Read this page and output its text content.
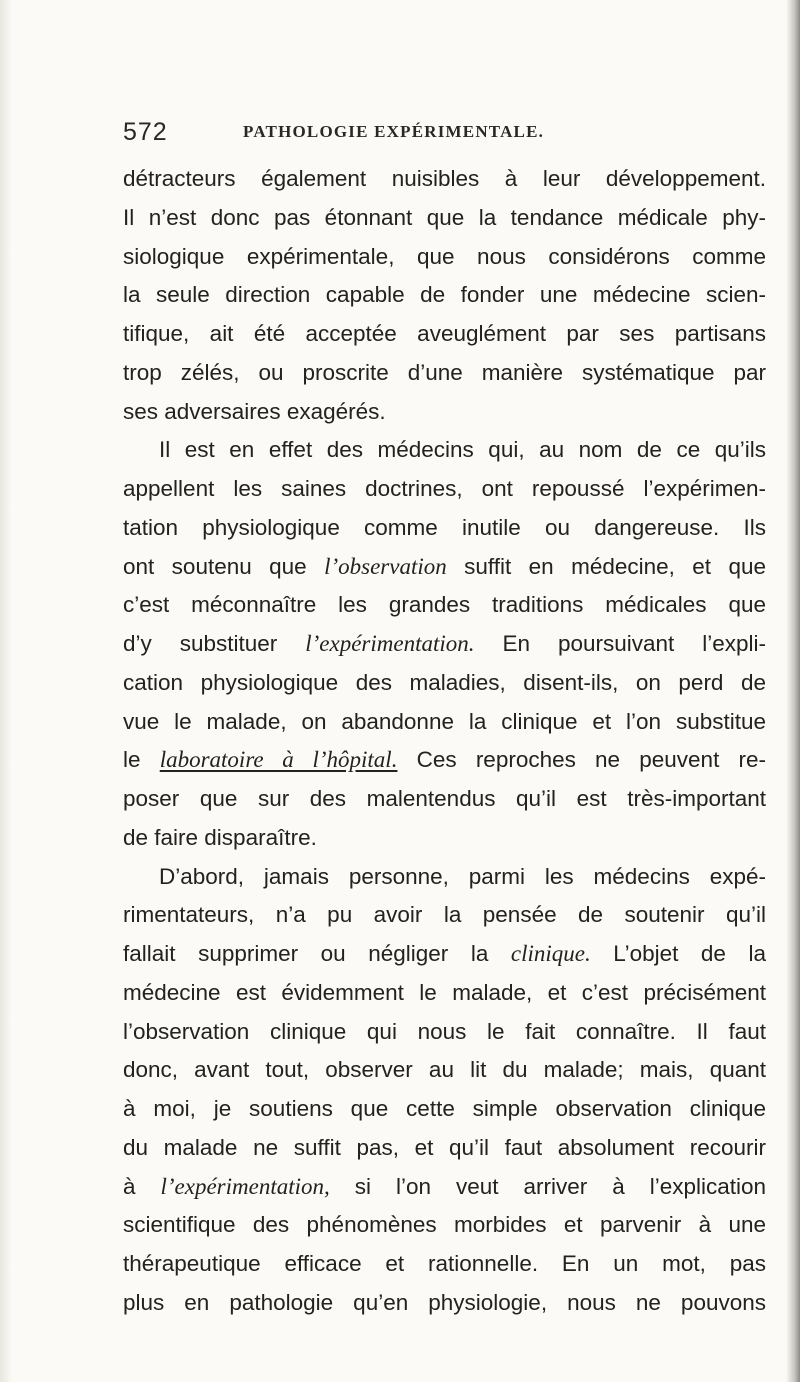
572	PATHOLOGIE EXPÉRIMENTALE.
détracteurs également nuisibles à leur développement.
Il n’est donc pas étonnant que la tendance médicale phy-
siologique expérimentale, que nous considérons comme
la seule direction capable de fonder une médecine scien-
tifique, ait été acceptée aveuglément par ses partisans
trop zélés, ou proscrite d’une manière systématique par
ses adversaires exagérés.
Il est en effet des médecins qui, au nom de ce qu’ils
appellent les saines doctrines, ont repoussé l’expérimen-
tation physiologique comme inutile ou dangereuse. Ils
ont soutenu que l’observation suffit en médecine, et que
c’est méconnaître les grandes traditions médicales que
d’y substituer l’expérimentation. En poursuivant l’expli-
cation physiologique des maladies, disent-ils, on perd de
vue le malade, on abandonne la clinique et l’on substitue
le laboratoire à l’hôpital. Ces reproches ne peuvent re-
poser que sur des malentendus qu’il est très-important
de faire disparaître.
D’abord, jamais personne, parmi les médecins expé-
rimentateurs, n’a pu avoir la pensée de soutenir qu’il
fallait supprimer ou négliger la clinique. L’objet de la
médecine est évidemment le malade, et c’est précisément
l’observation clinique qui nous le fait connaître. Il faut
donc, avant tout, observer au lit du malade; mais, quant
à moi, je soutiens que cette simple observation clinique
du malade ne suffit pas, et qu’il faut absolument recourir
à l’expérimentation, si l’on veut arriver à l’explication
scientifique des phénomènes morbides et parvenir à une
thérapeutique efficace et rationnelle. En un mot, pas
plus en pathologie qu’en physiologie, nous ne pouvons
